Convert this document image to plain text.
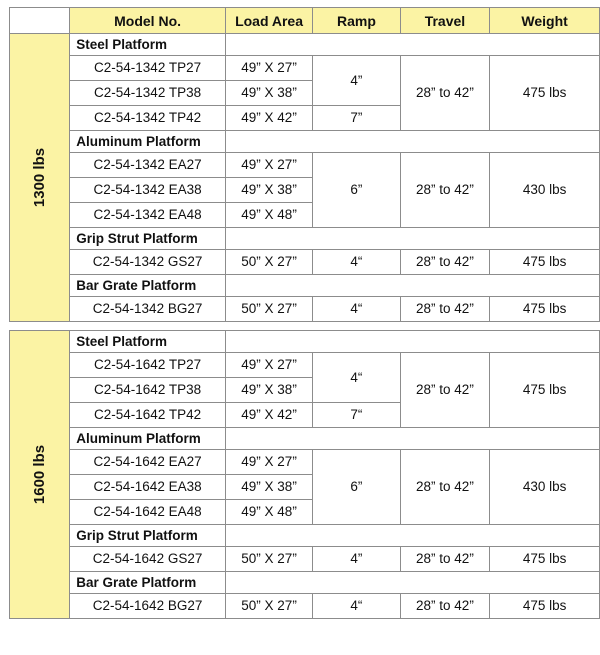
	Model No.	Load Area	Ramp	Travel	Weight
1300 lbs	Steel Platform				
	C2-54-1342 TP27	49” X 27”	4”	28” to 42”	475 lbs
	C2-54-1342 TP38	49” X 38”			
	C2-54-1342 TP42	49” X 42”	7”		
	Aluminum Platform				
	C2-54-1342 EA27	49” X 27”	6”	28” to 42”	430 lbs
	C2-54-1342 EA38	49” X 38”			
	C2-54-1342 EA48	49” X 48”			
	Grip Strut Platform				
	C2-54-1342 GS27	50” X 27”	4“	28” to 42”	475 lbs
	Bar Grate Platform				
	C2-54-1342 BG27	50” X 27”	4“	28” to 42”	475 lbs

1600 lbs	Steel Platform				
	C2-54-1642 TP27	49” X 27”	4“	28” to 42”	475 lbs
	C2-54-1642 TP38	49” X 38”			
	C2-54-1642 TP42	49” X 42”	7“		
	Aluminum Platform				
	C2-54-1642 EA27	49” X 27”	6”	28” to 42”	430 lbs
	C2-54-1642 EA38	49” X 38”			
	C2-54-1642 EA48	49” X 48”			
	Grip Strut Platform				
	C2-54-1642 GS27	50” X 27”	4”	28” to 42”	475 lbs
	Bar Grate Platform				
	C2-54-1642 BG27	50” X 27”	4“	28” to 42”	475 lbs
